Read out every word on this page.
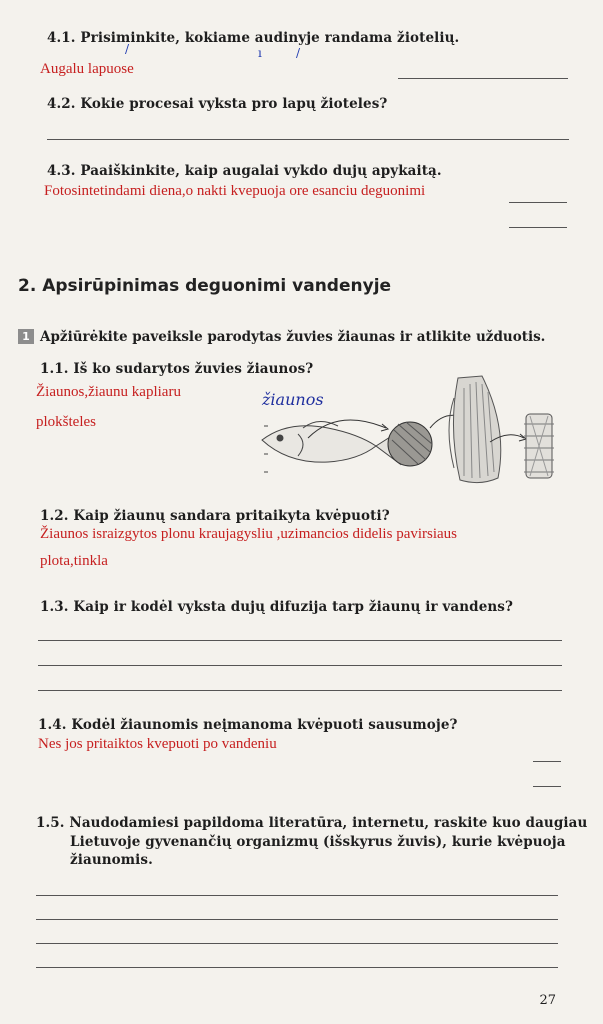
4.1. Prisiminkite, kokiame audinyje randama žiotelių.
/	ı	/
Augalu lapuose
4.2. Kokie procesai vyksta pro lapų žioteles?
4.3. Paaiškinkite, kaip augalai vykdo dujų apykaitą.
Fotosintetindami diena,o nakti kvepuoja ore esanciu deguonimi
2. Apsirūpinimas deguonimi vandenyje
1 Apžiūrėkite paveiksle parodytas žuvies žiaunas ir atlikite užduotis.
1.1. Iš ko sudarytos žuvies žiaunos?
Žiaunos,žiaunu kapliaru
plokšteles
žiaunos
1.2. Kaip žiaunų sandara pritaikyta kvėpuoti?
Žiaunos israizgytos plonu kraujagysliu ,uzimancios didelis pavirsiaus
plota,tinkla
1.3. Kaip ir kodėl vyksta dujų difuzija tarp žiaunų ir vandens?
1.4. Kodėl žiaunomis neįmanoma kvėpuoti sausumoje?
Nes jos pritaiktos kvepuoti po vandeniu
1.5. Naudodamiesi papildoma literatūra, internetu, raskite kuo daugiau
Lietuvoje gyvenančių organizmų (išskyrus žuvis), kurie kvėpuoja
žiaunomis.
27
